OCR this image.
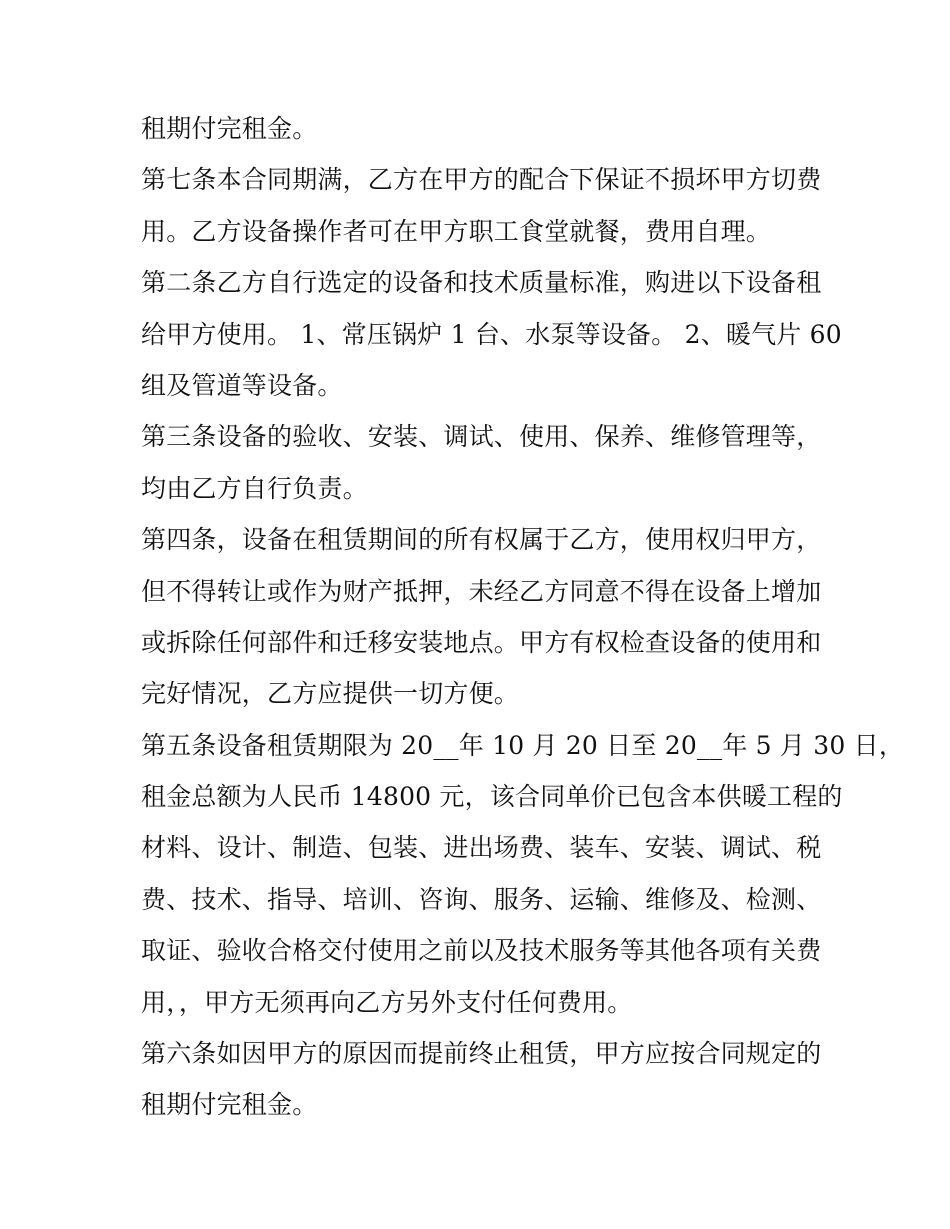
租期付完租金。
第七条本合同期满，乙方在甲方的配合下保证不损坏甲方切费
用。乙方设备操作者可在甲方职工食堂就餐，费用自理。
第二条乙方自行选定的设备和技术质量标准，购进以下设备租
给甲方使用。 1、常压锅炉 1 台、水泵等设备。 2、暖气片 60
组及管道等设备。
第三条设备的验收、安装、调试、使用、保养、维修管理等，
均由乙方自行负责。
第四条，设备在租赁期间的所有权属于乙方，使用权归甲方，
但不得转让或作为财产抵押，未经乙方同意不得在设备上增加
或拆除任何部件和迁移安装地点。甲方有权检查设备的使用和
完好情况，乙方应提供一切方便。
第五条设备租赁期限为 20__年 10 月 20 日至 20__年 5 月 30 日，
租金总额为人民币 14800 元，该合同单价已包含本供暖工程的
材料、设计、制造、包装、进出场费、装车、安装、调试、税
费、技术、指导、培训、咨询、服务、运输、维修及、检测、
取证、验收合格交付使用之前以及技术服务等其他各项有关费
用，，甲方无须再向乙方另外支付任何费用。
第六条如因甲方的原因而提前终止租赁，甲方应按合同规定的
租期付完租金。
